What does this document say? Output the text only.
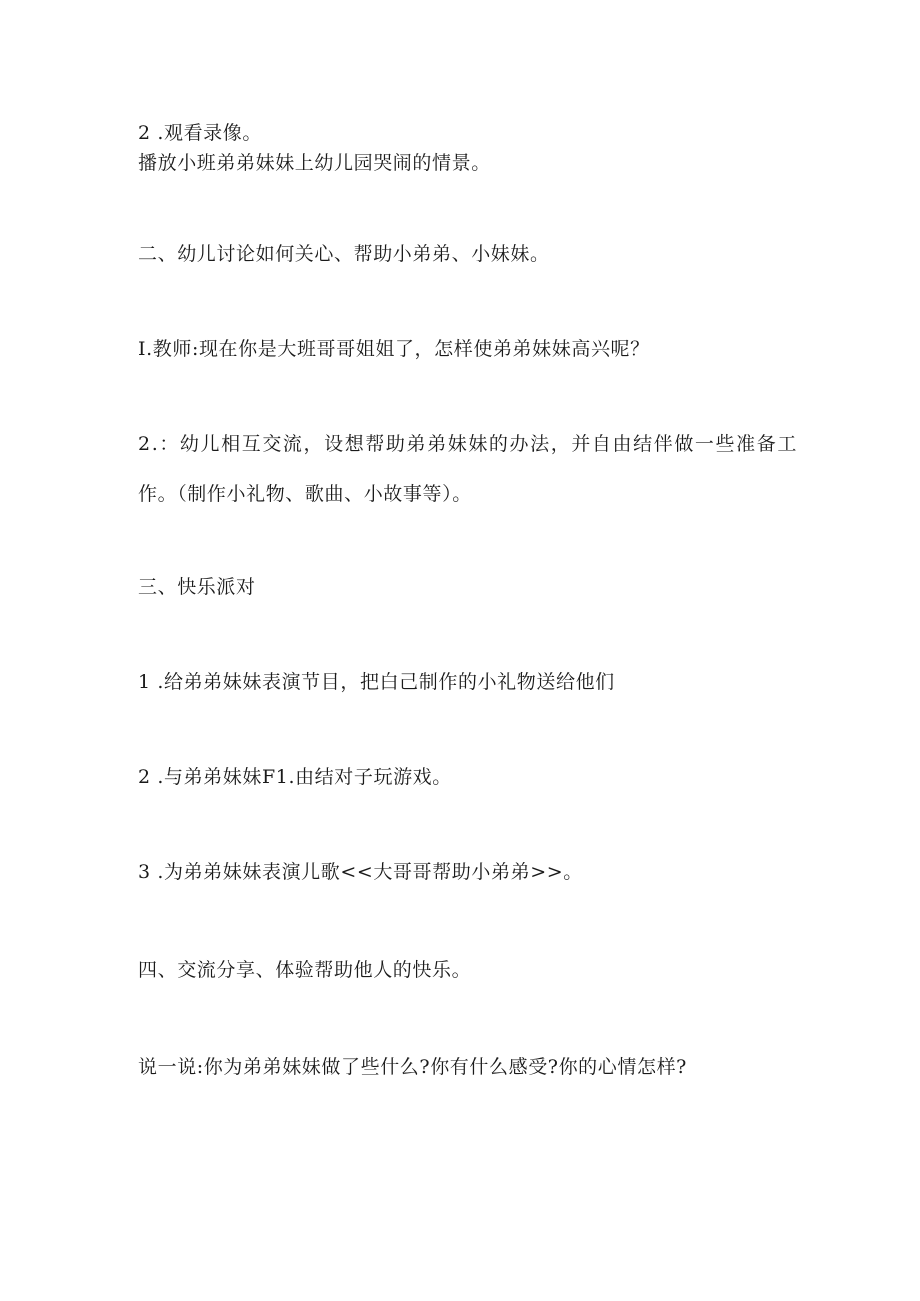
2 .观看录像。
播放小班弟弟妹妹上幼儿园哭闹的情景。
二、幼儿讨论如何关心、帮助小弟弟、小妹妹。
I.教师:现在你是大班哥哥姐姐了，怎样使弟弟妹妹高兴呢？
2.：幼儿相互交流，设想帮助弟弟妹妹的办法，并自由结伴做一些准备工
作。（制作小礼物、歌曲、小故事等）。
三、快乐派对
1 .给弟弟妹妹表演节目，把白己制作的小礼物送给他们
2 .与弟弟妹妹F1.由结对子玩游戏。
3 .为弟弟妹妹表演儿歌<<大哥哥帮助小弟弟>>。
四、交流分享、体验帮助他人的快乐。
说一说:你为弟弟妹妹做了些什么?你有什么感受?你的心情怎样?
